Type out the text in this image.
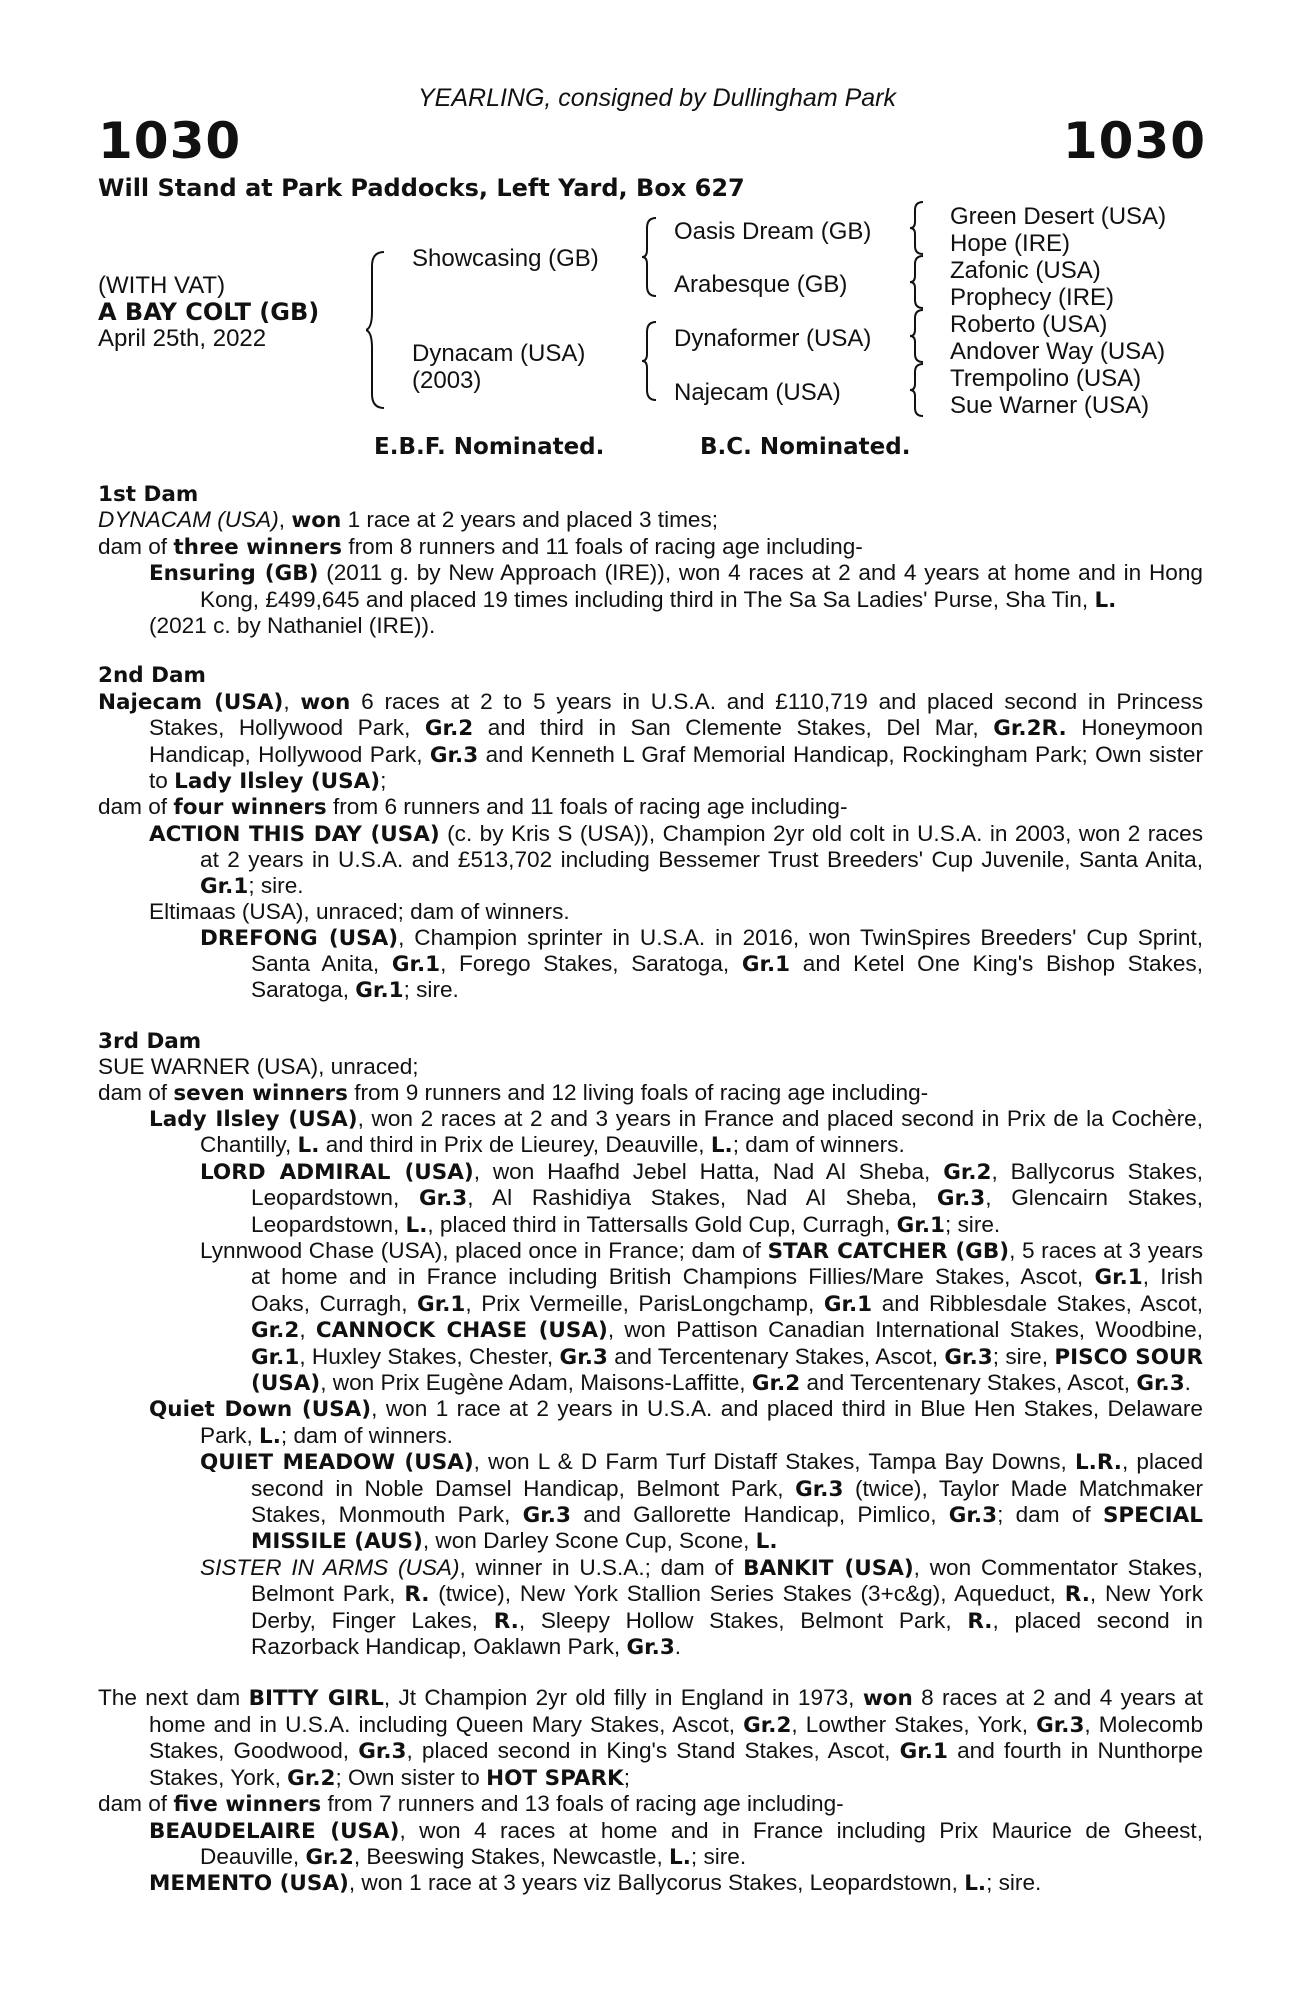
YEARLING, consigned by Dullingham Park
1030	1030
Will Stand at Park Paddocks, Left Yard, Box 627
(WITH VAT)
A BAY COLT (GB)
April 25th, 2022
Showcasing (GB)
Dynacam (USA)
(2003)
Oasis Dream (GB)
Arabesque (GB)
Dynaformer (USA)
Najecam (USA)
Green Desert (USA)
Hope (IRE)
Zafonic (USA)
Prophecy (IRE)
Roberto (USA)
Andover Way (USA)
Trempolino (USA)
Sue Warner (USA)
E.B.F. Nominated.	B.C. Nominated.

1st Dam

DYNACAM (USA), won 1 race at 2 years and placed 3 times;

dam of three winners from 8 runners and 11 foals of racing age including-

Ensuring (GB) (2011 g. by New Approach (IRE)), won 4 races at 2 and 4 years at home and in Hong Kong, £499,645 and placed 19 times including third in The Sa Sa Ladies' Purse, Sha Tin, L.

(2021 c. by Nathaniel (IRE)).

2nd Dam

Najecam (USA), won 6 races at 2 to 5 years in U.S.A. and £110,719 and placed second in Princess Stakes, Hollywood Park, Gr.2 and third in San Clemente Stakes, Del Mar, Gr.2R. Honeymoon Handicap, Hollywood Park, Gr.3 and Kenneth L Graf Memorial Handicap, Rockingham Park; Own sister to Lady Ilsley (USA);

dam of four winners from 6 runners and 11 foals of racing age including-

ACTION THIS DAY (USA) (c. by Kris S (USA)), Champion 2yr old colt in U.S.A. in 2003, won 2 races at 2 years in U.S.A. and £513,702 including Bessemer Trust Breeders' Cup Juvenile, Santa Anita, Gr.1; sire.

Eltimaas (USA), unraced; dam of winners.

DREFONG (USA), Champion sprinter in U.S.A. in 2016, won TwinSpires Breeders' Cup Sprint, Santa Anita, Gr.1, Forego Stakes, Saratoga, Gr.1 and Ketel One King's Bishop Stakes, Saratoga, Gr.1; sire.

3rd Dam

SUE WARNER (USA), unraced;

dam of seven winners from 9 runners and 12 living foals of racing age including-

Lady Ilsley (USA), won 2 races at 2 and 3 years in France and placed second in Prix de la Cochère, Chantilly, L. and third in Prix de Lieurey, Deauville, L.; dam of winners.

LORD ADMIRAL (USA), won Haafhd Jebel Hatta, Nad Al Sheba, Gr.2, Ballycorus Stakes, Leopardstown, Gr.3, Al Rashidiya Stakes, Nad Al Sheba, Gr.3, Glencairn Stakes, Leopardstown, L., placed third in Tattersalls Gold Cup, Curragh, Gr.1; sire.

Lynnwood Chase (USA), placed once in France; dam of STAR CATCHER (GB), 5 races at 3 years at home and in France including British Champions Fillies/Mare Stakes, Ascot, Gr.1, Irish Oaks, Curragh, Gr.1, Prix Vermeille, ParisLongchamp, Gr.1 and Ribblesdale Stakes, Ascot, Gr.2, CANNOCK CHASE (USA), won Pattison Canadian International Stakes, Woodbine, Gr.1, Huxley Stakes, Chester, Gr.3 and Tercentenary Stakes, Ascot, Gr.3; sire, PISCO SOUR (USA), won Prix Eugène Adam, Maisons-Laffitte, Gr.2 and Tercentenary Stakes, Ascot, Gr.3.

Quiet Down (USA), won 1 race at 2 years in U.S.A. and placed third in Blue Hen Stakes, Delaware Park, L.; dam of winners.

QUIET MEADOW (USA), won L & D Farm Turf Distaff Stakes, Tampa Bay Downs, L.R., placed second in Noble Damsel Handicap, Belmont Park, Gr.3 (twice), Taylor Made Matchmaker Stakes, Monmouth Park, Gr.3 and Gallorette Handicap, Pimlico, Gr.3; dam of SPECIAL MISSILE (AUS), won Darley Scone Cup, Scone, L.

SISTER IN ARMS (USA), winner in U.S.A.; dam of BANKIT (USA), won Commentator Stakes, Belmont Park, R. (twice), New York Stallion Series Stakes (3+c&g), Aqueduct, R., New York Derby, Finger Lakes, R., Sleepy Hollow Stakes, Belmont Park, R., placed second in Razorback Handicap, Oaklawn Park, Gr.3.

The next dam BITTY GIRL, Jt Champion 2yr old filly in England in 1973, won 8 races at 2 and 4 years at home and in U.S.A. including Queen Mary Stakes, Ascot, Gr.2, Lowther Stakes, York, Gr.3, Molecomb Stakes, Goodwood, Gr.3, placed second in King's Stand Stakes, Ascot, Gr.1 and fourth in Nunthorpe Stakes, York, Gr.2; Own sister to HOT SPARK;

dam of five winners from 7 runners and 13 foals of racing age including-

BEAUDELAIRE (USA), won 4 races at home and in France including Prix Maurice de Gheest, Deauville, Gr.2, Beeswing Stakes, Newcastle, L.; sire.

MEMENTO (USA), won 1 race at 3 years viz Ballycorus Stakes, Leopardstown, L.; sire.
